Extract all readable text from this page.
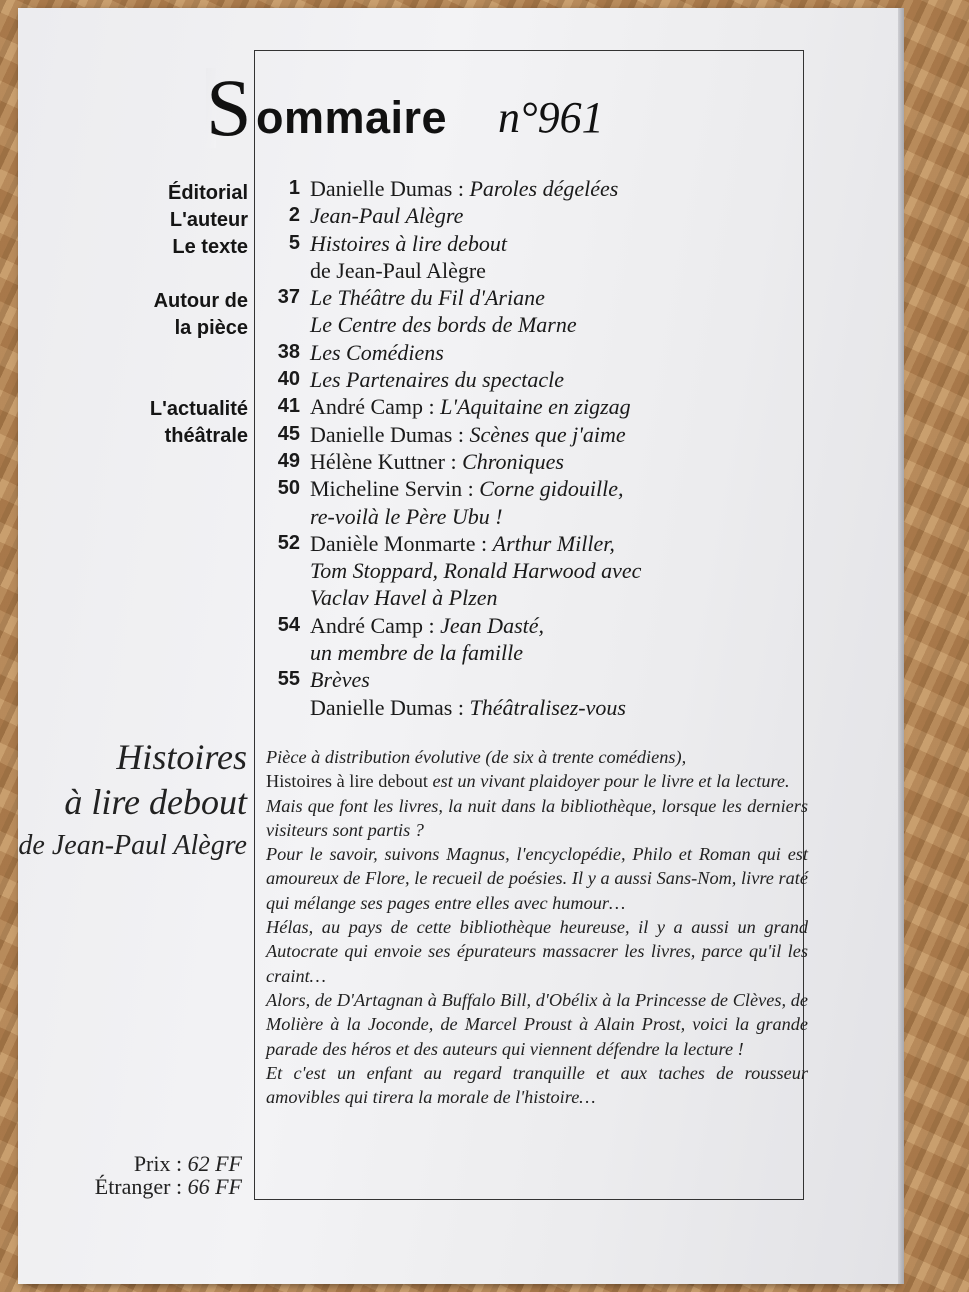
S ommaire n°961
Éditorial
L'auteur
Le texte
Autour de
la pièce
L'actualité
théâtrale
1 Danielle Dumas : Paroles dégelées
2 Jean-Paul Alègre
5 Histoires à lire debout
de Jean-Paul Alègre
37 Le Théâtre du Fil d'Ariane
Le Centre des bords de Marne
38 Les Comédiens
40 Les Partenaires du spectacle
41 André Camp : L'Aquitaine en zigzag
45 Danielle Dumas : Scènes que j'aime
49 Hélène Kuttner : Chroniques
50 Micheline Servin : Corne gidouille,
re-voilà le Père Ubu !
52 Danièle Monmarte : Arthur Miller,
Tom Stoppard, Ronald Harwood avec
Vaclav Havel à Plzen
54 André Camp : Jean Dasté,
un membre de la famille
55 Brèves
Danielle Dumas : Théâtralisez-vous
Histoires
à lire debout
de Jean-Paul Alègre

Pièce à distribution évolutive (de six à trente comédiens),

Histoires à lire debout est un vivant plaidoyer pour le livre et la lecture.

Mais que font les livres, la nuit dans la bibliothèque, lorsque les derniers visiteurs sont partis ?

Pour le savoir, suivons Magnus, l'encyclopédie, Philo et Roman qui est amoureux de Flore, le recueil de poésies. Il y a aussi Sans-Nom, livre raté qui mélange ses pages entre elles avec humour…

Hélas, au pays de cette bibliothèque heureuse, il y a aussi un grand Autocrate qui envoie ses épurateurs massacrer les livres, parce qu'il les craint…

Alors, de D'Artagnan à Buffalo Bill, d'Obélix à la Princesse de Clèves, de Molière à la Joconde, de Marcel Proust à Alain Prost, voici la grande parade des héros et des auteurs qui viennent défendre la lecture !

Et c'est un enfant au regard tranquille et aux taches de rousseur amovibles qui tirera la morale de l'histoire…

Prix : 62 FF
Étranger : 66 FF
